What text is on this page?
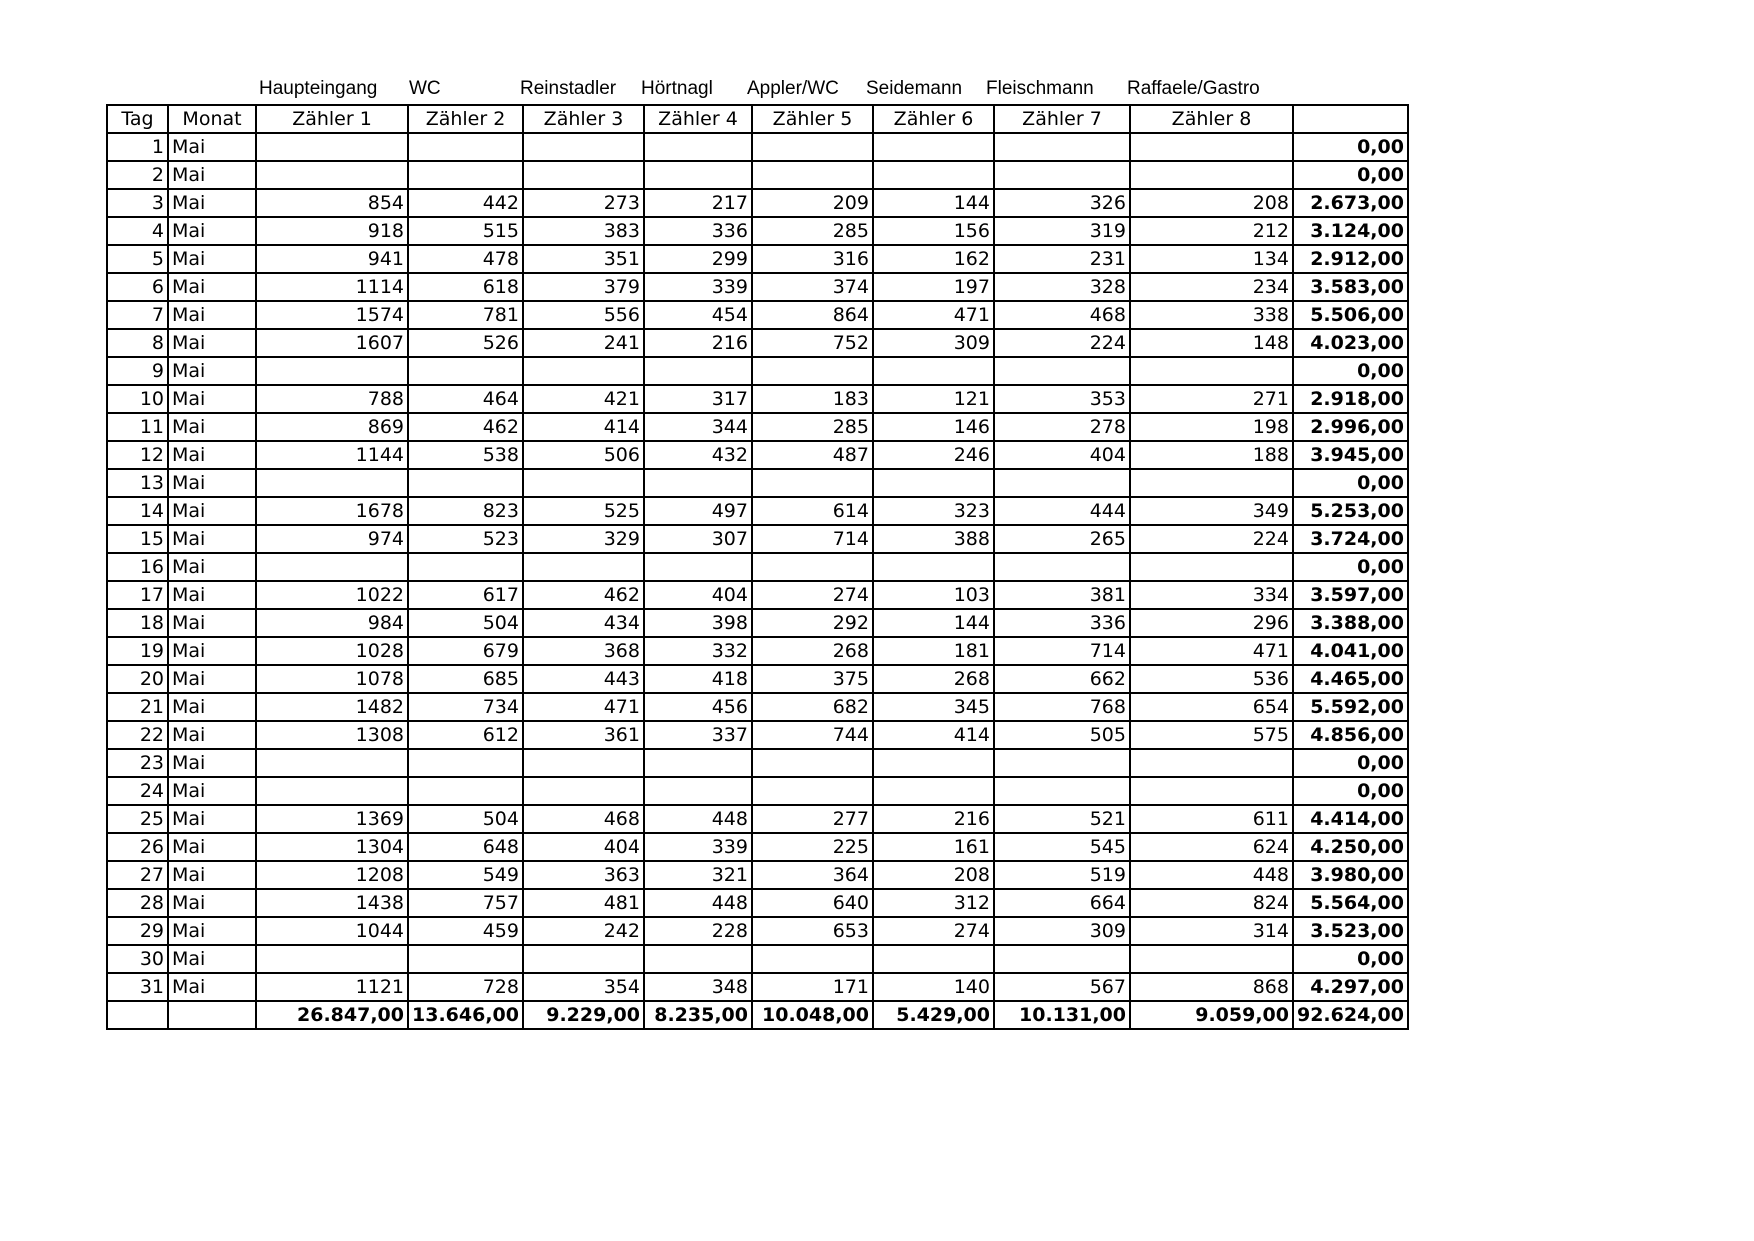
Haupteingang WC	Reinstadler Hörtnagl Appler/WC Seidemann Fleischmann Raffaele/Gastro
Tag	Monat	Zähler 1	Zähler 2	Zähler 3	Zähler 4	Zähler 5	Zähler 6	Zähler 7	Zähler 8	
1	Mai									0,00
2	Mai									0,00
3	Mai	854	442	273	217	209	144	326	208	2.673,00
4	Mai	918	515	383	336	285	156	319	212	3.124,00
5	Mai	941	478	351	299	316	162	231	134	2.912,00
6	Mai	1114	618	379	339	374	197	328	234	3.583,00
7	Mai	1574	781	556	454	864	471	468	338	5.506,00
8	Mai	1607	526	241	216	752	309	224	148	4.023,00
9	Mai									0,00
10	Mai	788	464	421	317	183	121	353	271	2.918,00
11	Mai	869	462	414	344	285	146	278	198	2.996,00
12	Mai	1144	538	506	432	487	246	404	188	3.945,00
13	Mai									0,00
14	Mai	1678	823	525	497	614	323	444	349	5.253,00
15	Mai	974	523	329	307	714	388	265	224	3.724,00
16	Mai									0,00
17	Mai	1022	617	462	404	274	103	381	334	3.597,00
18	Mai	984	504	434	398	292	144	336	296	3.388,00
19	Mai	1028	679	368	332	268	181	714	471	4.041,00
20	Mai	1078	685	443	418	375	268	662	536	4.465,00
21	Mai	1482	734	471	456	682	345	768	654	5.592,00
22	Mai	1308	612	361	337	744	414	505	575	4.856,00
23	Mai									0,00
24	Mai									0,00
25	Mai	1369	504	468	448	277	216	521	611	4.414,00
26	Mai	1304	648	404	339	225	161	545	624	4.250,00
27	Mai	1208	549	363	321	364	208	519	448	3.980,00
28	Mai	1438	757	481	448	640	312	664	824	5.564,00
29	Mai	1044	459	242	228	653	274	309	314	3.523,00
30	Mai									0,00
31	Mai	1121	728	354	348	171	140	567	868	4.297,00
		26.847,00	13.646,00	9.229,00	8.235,00	10.048,00	5.429,00	10.131,00	9.059,00	92.624,00
